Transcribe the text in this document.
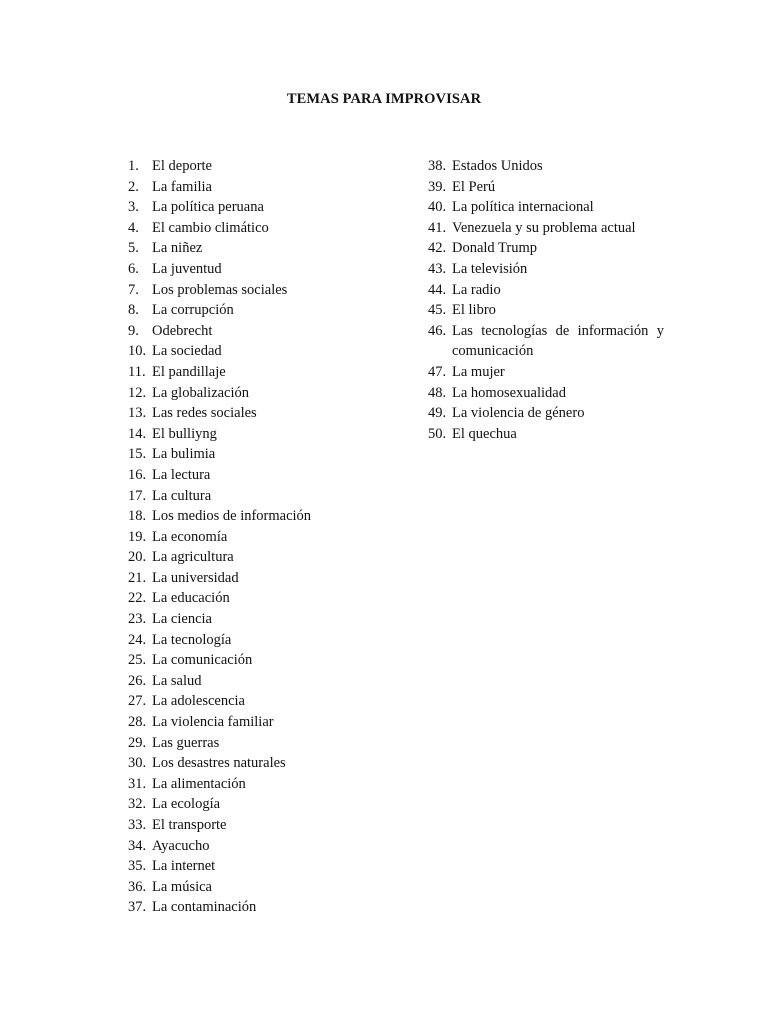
TEMAS PARA IMPROVISAR
1. El deporte
2. La familia
3. La política peruana
4. El cambio climático
5. La niñez
6. La juventud
7. Los problemas sociales
8. La corrupción
9. Odebrecht
10. La sociedad
11. El pandillaje
12. La globalización
13. Las redes sociales
14. El bulliyng
15. La bulimia
16. La lectura
17. La cultura
18. Los medios de información
19. La economía
20. La agricultura
21. La universidad
22. La educación
23. La ciencia
24. La tecnología
25. La comunicación
26. La salud
27. La adolescencia
28. La violencia familiar
29. Las guerras
30. Los desastres naturales
31. La alimentación
32. La ecología
33. El transporte
34. Ayacucho
35. La internet
36. La música
37. La contaminación
38. Estados Unidos
39. El Perú
40. La política internacional
41. Venezuela y su problema actual
42. Donald Trump
43. La televisión
44. La radio
45. El libro
46. Las tecnologías de información y comunicación
47. La mujer
48. La homosexualidad
49. La violencia de género
50. El quechua
